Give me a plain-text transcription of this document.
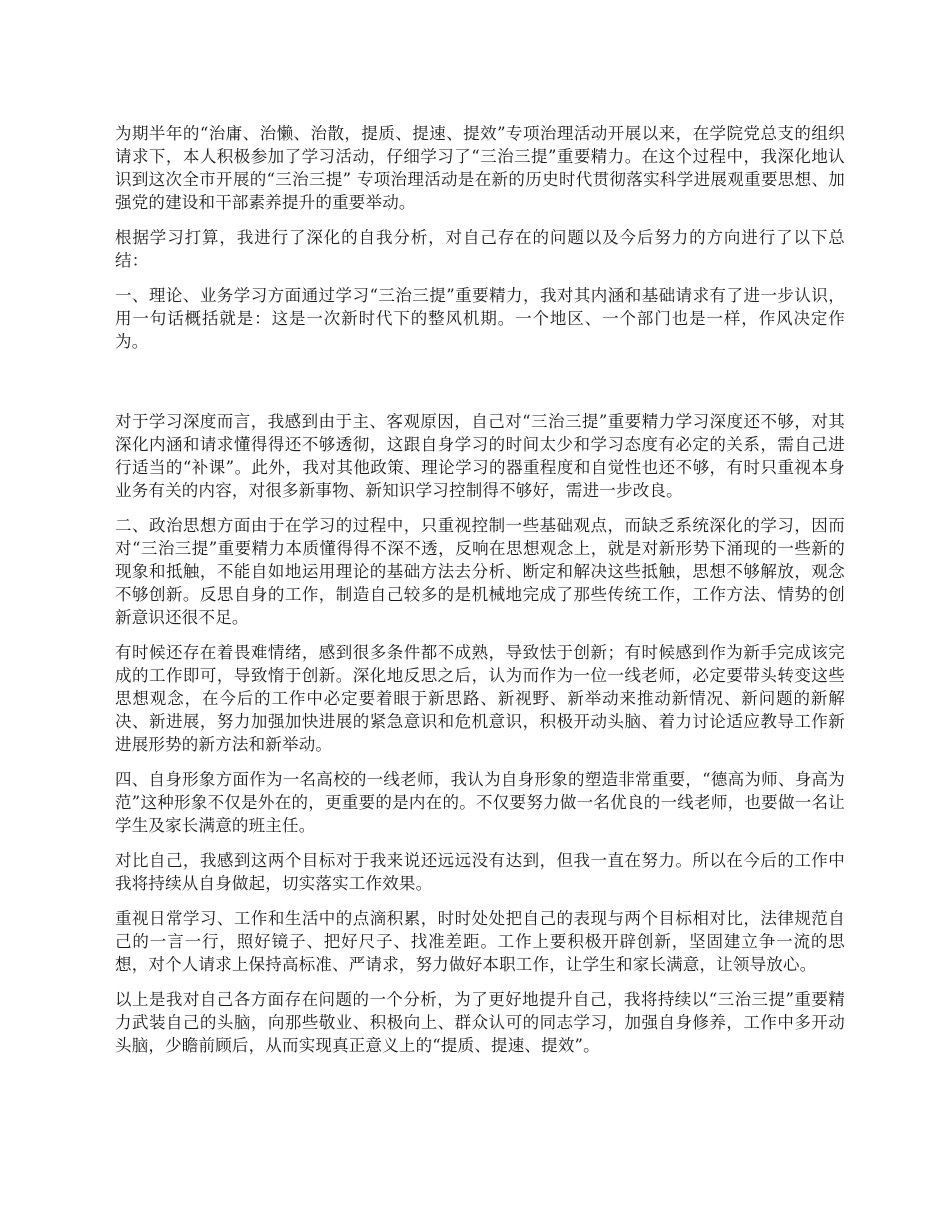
为期半年的“治庸、治懒、治散，提质、提速、提效”专项治理活动开展以来，在学院党总支的组织请求下，本人积极参加了学习活动，仔细学习了“三治三提”重要精力。在这个过程中，我深化地认识到这次全市开展的“三治三提” 专项治理活动是在新的历史时代贯彻落实科学进展观重要思想、加强党的建设和干部素养提升的重要举动。

根据学习打算，我进行了深化的自我分析，对自己存在的问题以及今后努力的方向进行了以下总结：

一、理论、业务学习方面通过学习“三治三提”重要精力，我对其内涵和基础请求有了进一步认识，用一句话概括就是：这是一次新时代下的整风机期。一个地区、一个部门也是一样，作风决定作为。

对于学习深度而言，我感到由于主、客观原因，自己对“三治三提”重要精力学习深度还不够，对其深化内涵和请求懂得得还不够透彻，这跟自身学习的时间太少和学习态度有必定的关系，需自己进行适当的“补课”。此外，我对其他政策、理论学习的器重程度和自觉性也还不够，有时只重视本身业务有关的内容，对很多新事物、新知识学习控制得不够好，需进一步改良。

二、政治思想方面由于在学习的过程中，只重视控制一些基础观点，而缺乏系统深化的学习，因而对“三治三提”重要精力本质懂得得不深不透，反响在思想观念上，就是对新形势下涌现的一些新的现象和抵触，不能自如地运用理论的基础方法去分析、断定和解决这些抵触，思想不够解放，观念不够创新。反思自身的工作，制造自己较多的是机械地完成了那些传统工作，工作方法、情势的创新意识还很不足。

有时候还存在着畏难情绪，感到很多条件都不成熟，导致怯于创新；有时候感到作为新手完成该完成的工作即可，导致惰于创新。深化地反思之后，认为而作为一位一线老师，必定要带头转变这些思想观念，在今后的工作中必定要着眼于新思路、新视野、新举动来推动新情况、新问题的新解决、新进展，努力加强加快进展的紧急意识和危机意识，积极开动头脑、着力讨论适应教导工作新进展形势的新方法和新举动。

四、自身形象方面作为一名高校的一线老师，我认为自身形象的塑造非常重要，“德高为师、身高为范”这种形象不仅是外在的，更重要的是内在的。不仅要努力做一名优良的一线老师，也要做一名让学生及家长满意的班主任。

对比自己，我感到这两个目标对于我来说还远远没有达到，但我一直在努力。所以在今后的工作中我将持续从自身做起，切实落实工作效果。

重视日常学习、工作和生活中的点滴积累，时时处处把自己的表现与两个目标相对比，法律规范自己的一言一行，照好镜子、把好尺子、找准差距。工作上要积极开辟创新，坚固建立争一流的思想，对个人请求上保持高标准、严请求，努力做好本职工作，让学生和家长满意，让领导放心。

以上是我对自己各方面存在问题的一个分析，为了更好地提升自己，我将持续以“三治三提”重要精力武装自己的头脑，向那些敬业、积极向上、群众认可的同志学习，加强自身修养，工作中多开动头脑，少瞻前顾后，从而实现真正意义上的“提质、提速、提效”。
